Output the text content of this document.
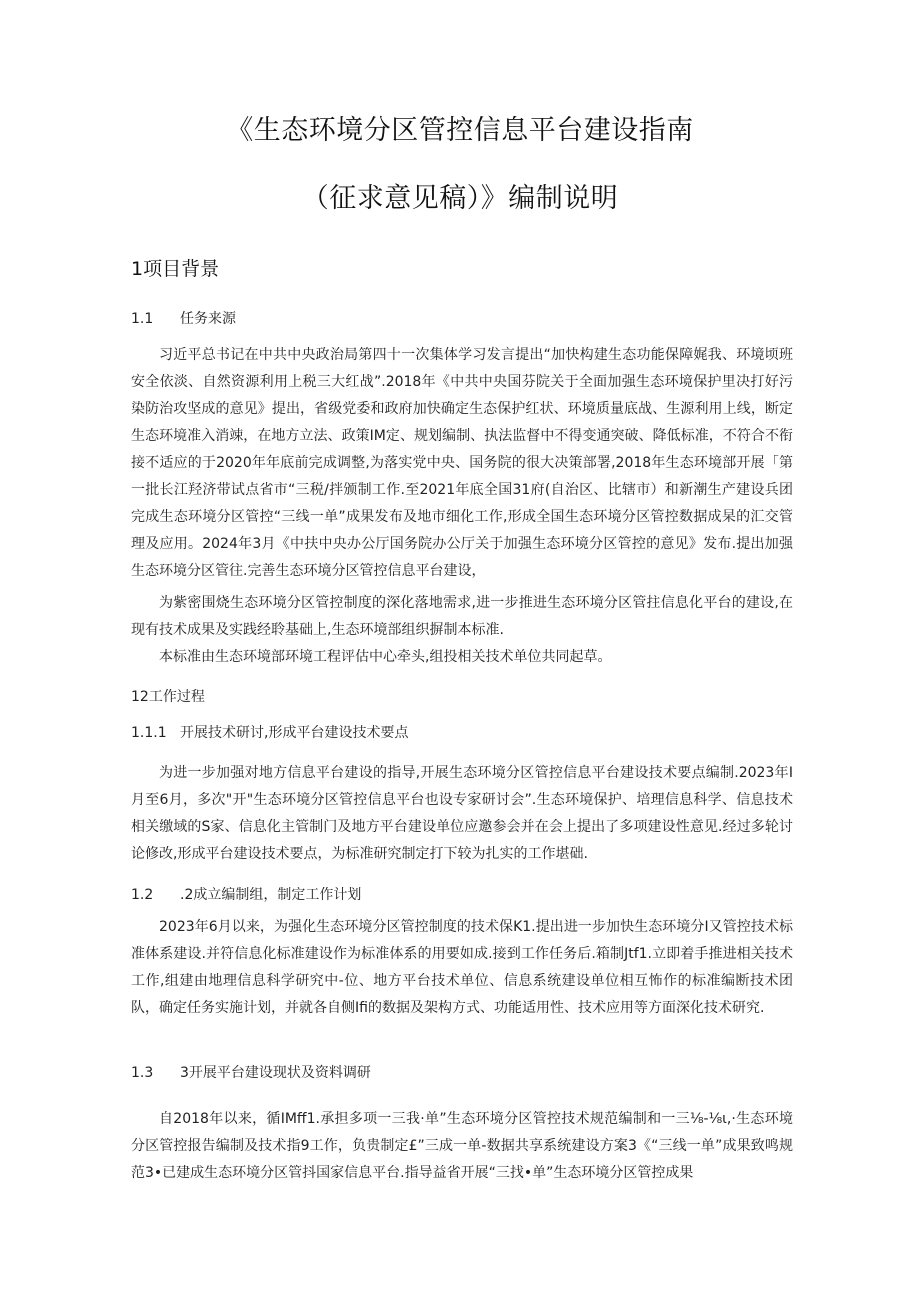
《生态环境分区管控信息平台建设指南
（征求意见稿）》编制说明
1项目背景
1.1 任务来源

习近平总书记在中共中央政治局第四十一次集体学习发言提出“加快构建生态功能保障娓我、环境顷班安全依淡、自然资源利用上税三大红战”.2018年《中共中央国芬院关于全面加强生态环境保护里决打好污染防治攻坚成的意见》提出，省级党委和政府加快确定生态保护红状、环境质量底战、生源利用上线，断定生态环境准入消竦，在地方立法、政策IM定、规划编制、执法监督中不得变通突破、降低标准，不符合不衔接不适应的于2020年年底前完成调整,为落实党中央、国务院的很大决策部署,2018年生态环境部开展「第一批长江羟济带试点省市“三税/拌颁制工作.至2021年底全国31府(自治区、比辖市）和新潮生产建设兵团完成生态环境分区管控“三线一单”成果发布及地市细化工作,形成全国生态环境分区管控数据成杲的汇交管理及应用。2024年3月《中扶中央办公厅国务院办公厅关于加强生态环境分区管控的意见》发布.提出加强生态环境分区管往.完善生态环境分区管控信息平台建设，

为紫密围烧生态环境分区管控制度的深化落地需求,进一步推进生态环境分区管拄信息化平台的建设,在现有技术成果及实践经聆基础上,生态环境部组织摒制本标准.

本标准由生态环境部环境工程评估中心牵头,组投相关技术单位共同起草。

12工作过程
1.1.1 开展技术研讨,形成平台建设技术要点

为进一步加强对地方信息平台建设的指导,开展生态环境分区管控信息平台建设技术要点编制.2023年I月至6月，多次"开"生态环境分区管控信息平台也设专家研讨会”.生态环境保护、培理信息科学、信息技术相关缴域的S家、信息化主管制门及地方平台建设单位应邀参会并在会上提出了多项建设性意见.经过多轮讨论修改,形成平台建设技术要点，为标准研究制定打下较为扎实的工作堪础.

1.2 .2成立编制组，制定工作计划

2023年6月以来，为强化生态环境分区管控制度的技术保K1.提出进一步加快生态环境分I又管控技术标准体系建设.并符信息化标准建设作为标准体系的用要如成.接到工作任务后.箱制Jtf1.立即着手推进相关技术工作,组建由地理信息科学研究中-位、地方平台技术单位、信息系统建设单位相互怖作的标准编断技术团队，确定任务实施计划，并就各自侧Ifi的数据及架构方式、功能适用性、技术应用等方面深化技术研究.

1.3 3开展平台建设现状及资料调研

自2018年以来，循IMff1.承担多项一三我·单”生态环境分区管控技术规范编制和一三⅛-⅛ι,·生态环境分区管控报告编制及技术指9工作，负贵制定£”三成一单-数据共享系统建设方案3《“三线一单”成果致鸣规范3•已建成生态环境分区管抖国家信息平台.指导益省开展“三找•单”生态环境分区管控成果
